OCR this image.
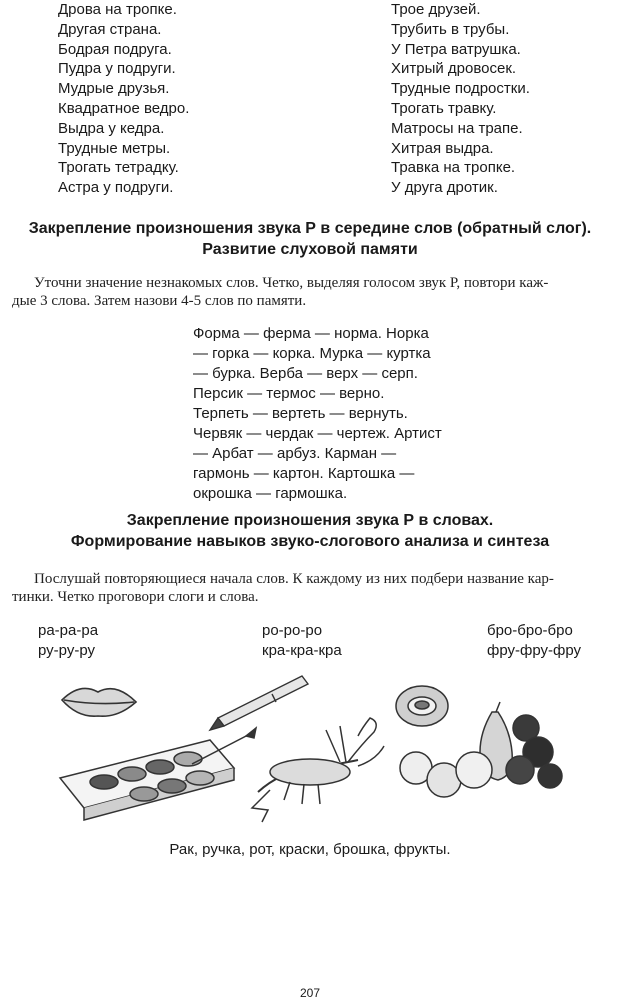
Дрова на тропке.
Другая страна.
Бодрая подруга.
Пудра у подруги.
Мудрые друзья.
Квадратное ведро.
Выдра у кедра.
Трудные метры.
Трогать тетрадку.
Астра у подруги.
Трое друзей.
Трубить в трубы.
У Петра ватрушка.
Хитрый дровосек.
Трудные подростки.
Трогать травку.
Матросы на трапе.
Хитрая выдра.
Травка на тропке.
У друга дротик.
Закрепление произношения звука Р в середине слов (обратный слог).
Развитие слуховой памяти
Уточни значение незнакомых слов. Четко, выделяя голосом звук Р, повтори каж-
дые 3 слова. Затем назови 4-5 слов по памяти.
Форма — ферма — норма. Норка
— горка — корка. Мурка — куртка
— бурка. Верба — верх — серп.
Персик — термос — верно.
Терпеть — вертеть — вернуть.
Червяк — чердак — чертеж. Артист
— Арбат — арбуз. Карман —
гармонь — картон. Картошка —
окрошка — гармошка.
Закрепление произношения звука Р в словах.
Формирование навыков звуко-слогового анализа и синтеза
Послушай повторяющиеся начала слов. К каждому из них подбери название кар-
тинки. Четко проговори слоги и слова.
ра-ра-ра
ру-ру-ру
ро-ро-ро
кра-кра-кра
бро-бро-бро
фру-фру-фру
Рак, ручка, рот, краски, брошка, фрукты.
207
